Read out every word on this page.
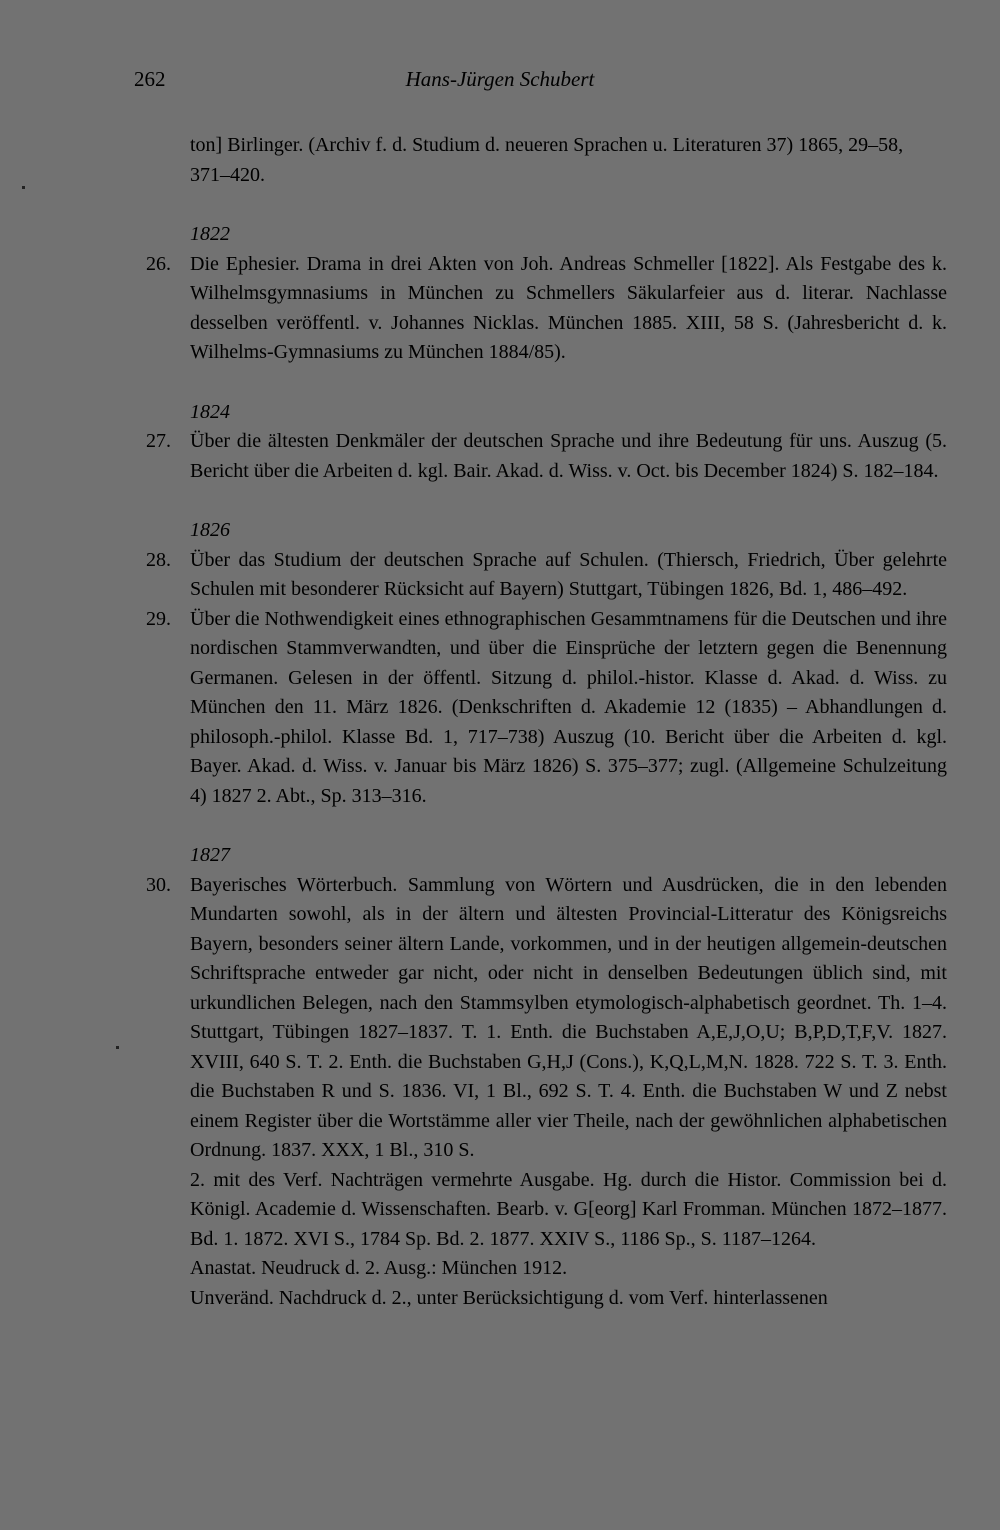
Hans-Jürgen Schubert
262

ton] Birlinger. (Archiv f. d. Studium d. neueren Sprachen u. Literaturen 37) 1865, 29–58, 371–420.

1822
26. Die Ephesier. Drama in drei Akten von Joh. Andreas Schmeller [1822]. Als Festgabe des k. Wilhelmsgymnasiums in München zu Schmellers Säkularfeier aus d. literar. Nachlasse desselben veröffentl. v. Johannes Nicklas. München 1885. XIII, 58 S. (Jahresbericht d. k. Wilhelms-Gymnasiums zu München 1884/85).
1824
27. Über die ältesten Denkmäler der deutschen Sprache und ihre Bedeutung für uns. Auszug (5. Bericht über die Arbeiten d. kgl. Bair. Akad. d. Wiss. v. Oct. bis December 1824) S. 182–184.
1826
28. Über das Studium der deutschen Sprache auf Schulen. (Thiersch, Friedrich, Über gelehrte Schulen mit besonderer Rücksicht auf Bayern) Stuttgart, Tübingen 1826, Bd. 1, 486–492.
29. Über die Nothwendigkeit eines ethnographischen Gesammtnamens für die Deutschen und ihre nordischen Stammverwandten, und über die Einsprüche der letztern gegen die Benennung Germanen. Gelesen in der öffentl. Sitzung d. philol.-histor. Klasse d. Akad. d. Wiss. zu München den 11. März 1826. (Denkschriften d. Akademie 12 (1835) – Abhandlungen d. philosoph.-philol. Klasse Bd. 1, 717–738) Auszug (10. Bericht über die Arbeiten d. kgl. Bayer. Akad. d. Wiss. v. Januar bis März 1826) S. 375–377; zugl. (Allgemeine Schulzeitung 4) 1827 2. Abt., Sp. 313–316.
1827
30. Bayerisches Wörterbuch. Sammlung von Wörtern und Ausdrücken, die in den lebenden Mundarten sowohl, als in der ältern und ältesten Provincial-Litteratur des Königsreichs Bayern, besonders seiner ältern Lande, vorkommen, und in der heutigen allgemein-deutschen Schriftsprache entweder gar nicht, oder nicht in denselben Bedeutungen üblich sind, mit urkundlichen Belegen, nach den Stammsylben etymologisch-alphabetisch geordnet. Th. 1–4. Stuttgart, Tübingen 1827–1837. T. 1. Enth. die Buchstaben A,E,J,O,U; B,P,D,T,F,V. 1827. XVIII, 640 S. T. 2. Enth. die Buchstaben G,H,J (Cons.), K,Q,L,M,N. 1828. 722 S. T. 3. Enth. die Buchstaben R und S. 1836. VI, 1 Bl., 692 S. T. 4. Enth. die Buchstaben W und Z nebst einem Register über die Wortstämme aller vier Theile, nach der gewöhnlichen alphabetischen Ordnung. 1837. XXX, 1 Bl., 310 S.

2. mit des Verf. Nachträgen vermehrte Ausgabe. Hg. durch die Histor. Commission bei d. Königl. Academie d. Wissenschaften. Bearb. v. G[eorg] Karl Fromman. München 1872–1877. Bd. 1. 1872. XVI S., 1784 Sp. Bd. 2. 1877. XXIV S., 1186 Sp., S. 1187–1264.

Anastat. Neudruck d. 2. Ausg.: München 1912.

Unveränd. Nachdruck d. 2., unter Berücksichtigung d. vom Verf. hinterlassenen
